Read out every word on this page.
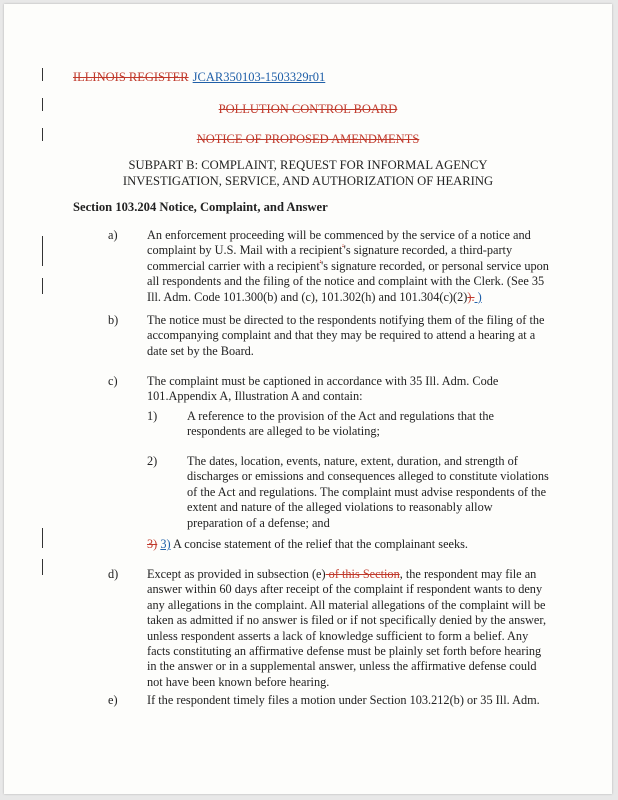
ILLINOIS REGISTER JCAR350103-1503329r01
POLLUTION CONTROL BOARD
NOTICE OF PROPOSED AMENDMENTS
SUBPART B: COMPLAINT, REQUEST FOR INFORMAL AGENCY
INVESTIGATION, SERVICE, AND AUTHORIZATION OF HEARING
Section 103.204 Notice, Complaint, and Answer
a) An enforcement proceeding will be commenced by the service of a notice and complaint by U.S. Mail with a recipient''s signature recorded, a third-party commercial carrier with a recipient''s signature recorded, or personal service upon all respondents and the filing of the notice and complaint with the Clerk. (See 35 Ill. Adm. Code 101.300(b) and (c), 101.302(h) and 101.304(c)(2)). )
b) The notice must be directed to the respondents notifying them of the filing of the accompanying complaint and that they may be required to attend a hearing at a date set by the Board.
c) The complaint must be captioned in accordance with 35 Ill. Adm. Code 101.Appendix A, Illustration A and contain:
1) A reference to the provision of the Act and regulations that the respondents are alleged to be violating;
2) The dates, location, events, nature, extent, duration, and strength of discharges or emissions and consequences alleged to constitute violations of the Act and regulations. The complaint must advise respondents of the extent and nature of the alleged violations to reasonably allow preparation of a defense; and
3) 3) A concise statement of the relief that the complainant seeks.
d) Except as provided in subsection (e) of this Section, the respondent may file an answer within 60 days after receipt of the complaint if respondent wants to deny any allegations in the complaint. All material allegations of the complaint will be taken as admitted if no answer is filed or if not specifically denied by the answer, unless respondent asserts a lack of knowledge sufficient to form a belief. Any facts constituting an affirmative defense must be plainly set forth before hearing in the answer or in a supplemental answer, unless the affirmative defense could not have been known before hearing.
e) If the respondent timely files a motion under Section 103.212(b) or 35 Ill. Adm.
